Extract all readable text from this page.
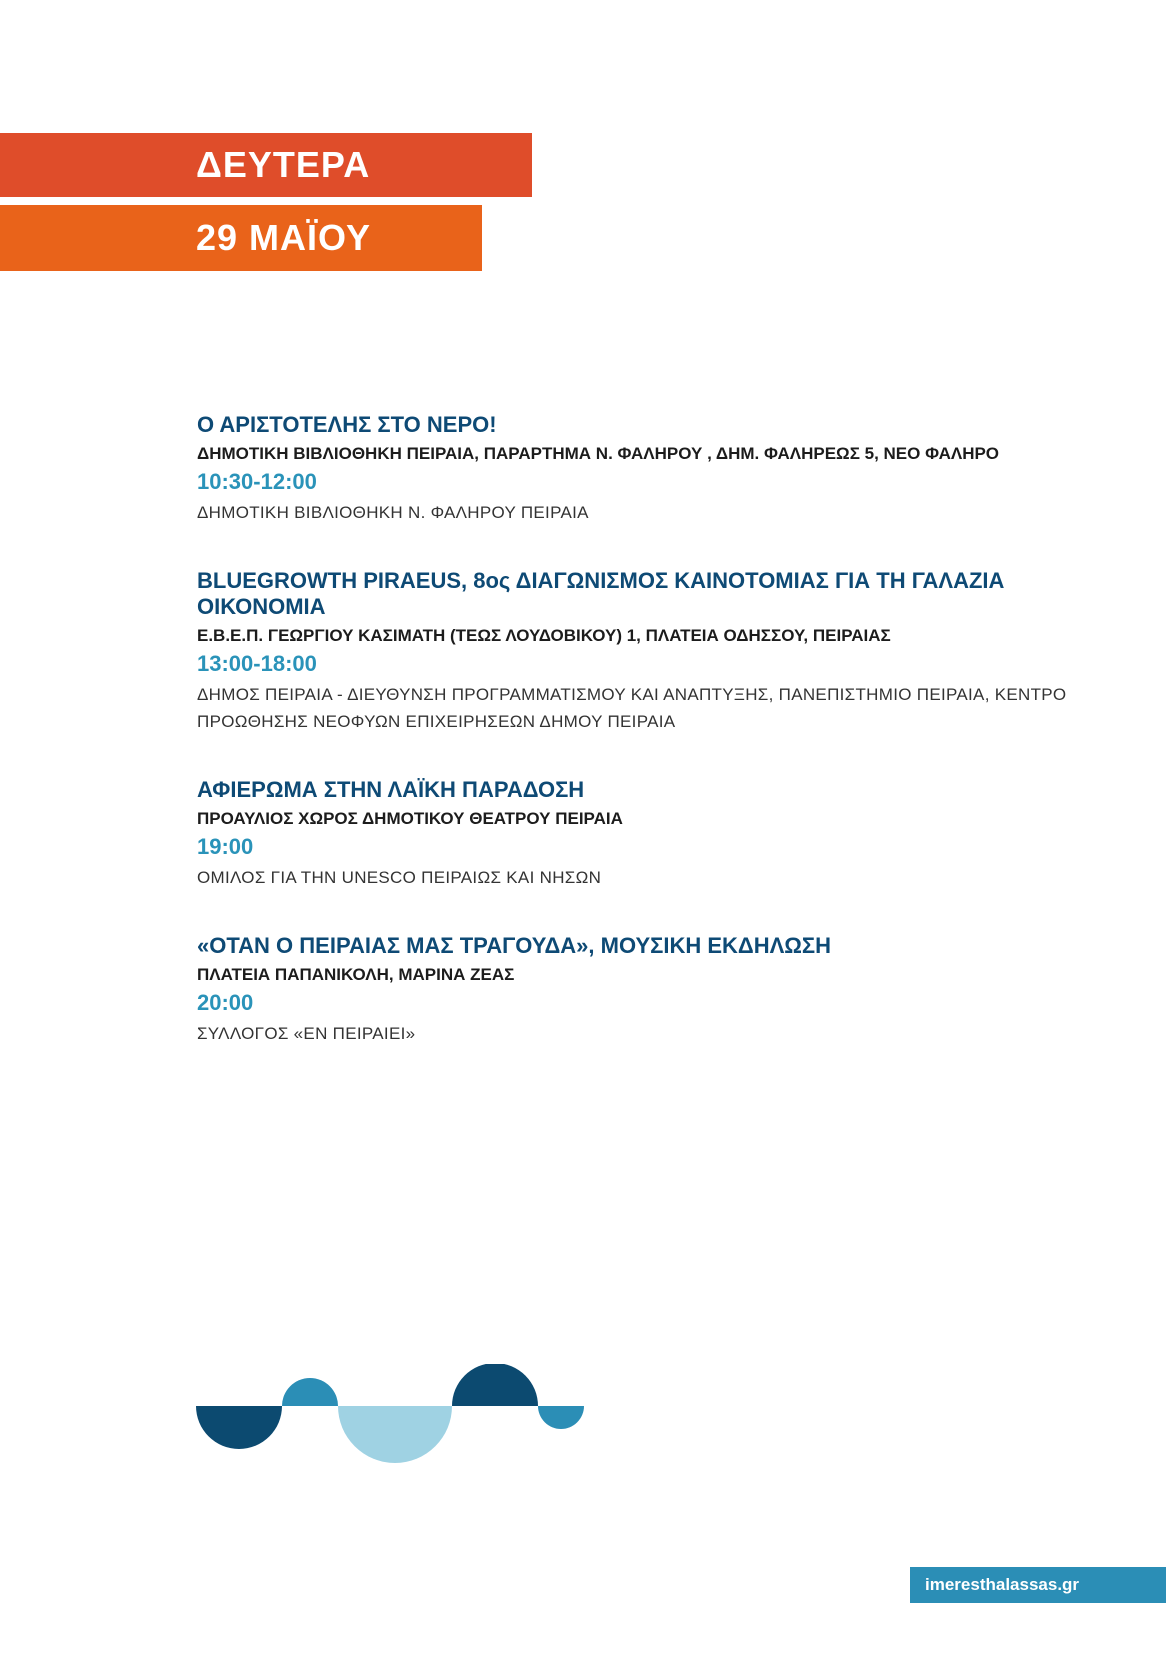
ΔΕΥΤΕΡΑ
29 ΜΑΪΟΥ
Ο ΑΡΙΣΤΟΤΕΛΗΣ ΣΤΟ ΝΕΡΟ!
ΔΗΜΟΤΙΚΗ ΒΙΒΛΙΟΘΗΚΗ ΠΕΙΡΑΙΑ, ΠΑΡΑΡΤΗΜΑ Ν. ΦΑΛΗΡΟΥ , ΔΗΜ. ΦΑΛΗΡΕΩΣ 5, ΝΕΟ ΦΑΛΗΡΟ
10:30-12:00
ΔΗΜΟΤΙΚΗ ΒΙΒΛΙΟΘΗΚΗ Ν. ΦΑΛΗΡΟΥ ΠΕΙΡΑΙΑ
BLUEGROWTH PIRAEUS, 8ος ΔΙΑΓΩΝΙΣΜΟΣ ΚΑΙΝΟΤΟΜΙΑΣ ΓΙΑ ΤΗ ΓΑΛΑΖΙΑ ΟΙΚΟΝΟΜΙΑ
Ε.Β.Ε.Π. ΓΕΩΡΓΙΟΥ ΚΑΣΙΜΑΤΗ (ΤΕΩΣ ΛΟΥΔΟΒΙΚΟΥ) 1, ΠΛΑΤΕΙΑ ΟΔΗΣΣΟΥ, ΠΕΙΡΑΙΑΣ
13:00-18:00
ΔΗΜΟΣ ΠΕΙΡΑΙΑ - ΔΙΕΥΘΥΝΣΗ ΠΡΟΓΡΑΜΜΑΤΙΣΜΟΥ ΚΑΙ ΑΝΑΠΤΥΞΗΣ, ΠΑΝΕΠΙΣΤΗΜΙΟ ΠΕΙΡΑΙΑ, ΚΕΝΤΡΟ ΠΡΟΩΘΗΣΗΣ ΝΕΟΦΥΩΝ ΕΠΙΧΕΙΡΗΣΕΩΝ ΔΗΜΟΥ ΠΕΙΡΑΙΑ
ΑΦΙΕΡΩΜΑ ΣΤΗΝ ΛΑΪΚΗ ΠΑΡΑΔΟΣΗ
ΠΡΟΑΥΛΙΟΣ ΧΩΡΟΣ ΔΗΜΟΤΙΚΟΥ ΘΕΑΤΡΟΥ ΠΕΙΡΑΙΑ
19:00
ΟΜΙΛΟΣ ΓΙΑ ΤΗΝ UNESCO ΠΕΙΡΑΙΩΣ ΚΑΙ ΝΗΣΩΝ
«ΟΤΑΝ Ο ΠΕΙΡΑΙΑΣ ΜΑΣ ΤΡΑΓΟΥΔΑ», ΜΟΥΣΙΚΗ ΕΚΔΗΛΩΣΗ
ΠΛΑΤΕΙΑ ΠΑΠΑΝΙΚΟΛΗ, ΜΑΡΙΝΑ ΖΕΑΣ
20:00
ΣΥΛΛΟΓΟΣ «ΕΝ ΠΕΙΡΑΙΕΙ»
imeresthalassas.gr
